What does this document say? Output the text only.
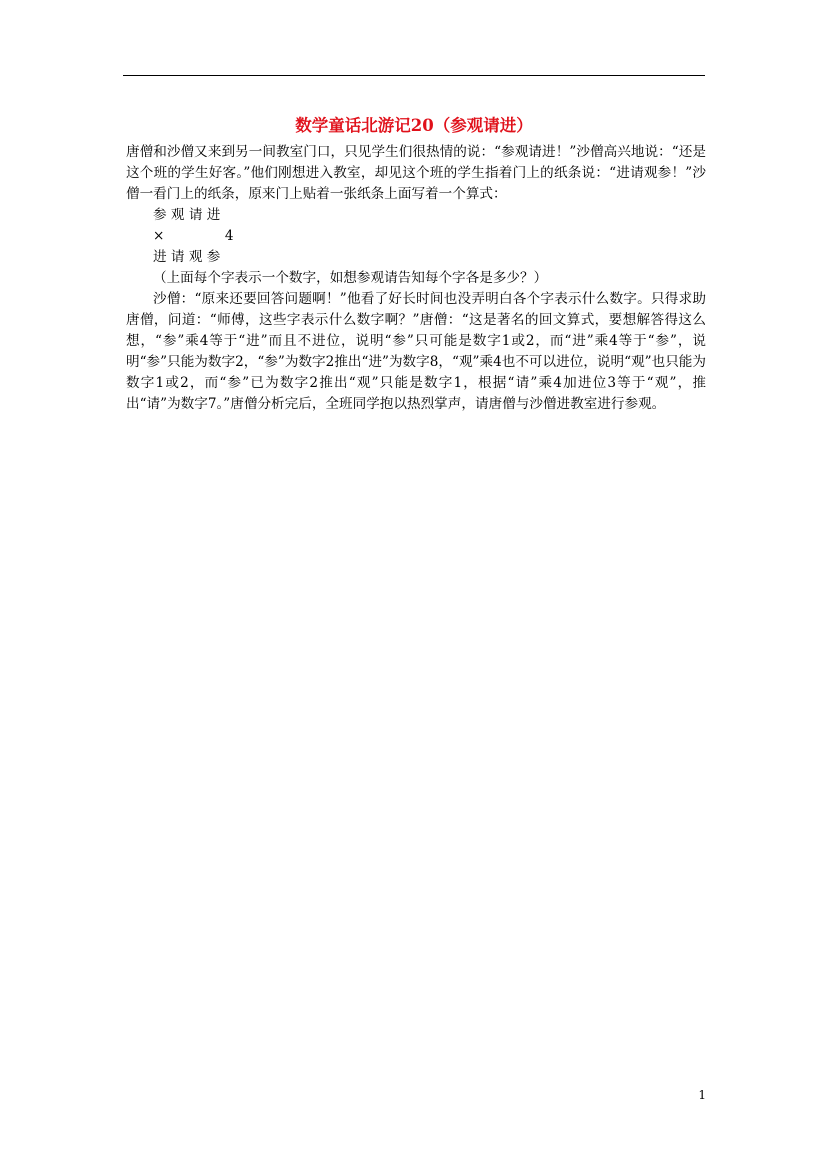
数学童话北游记20（参观请进）

唐僧和沙僧又来到另一间教室门口，只见学生们很热情的说：“参观请进！”沙僧高兴地说：“还是这个班的学生好客。”他们刚想进入教室，却见这个班的学生指着门上的纸条说：“进请观参！”沙僧一看门上的纸条，原来门上贴着一张纸条上面写着一个算式：

参 观 请 进

×              4

进 请 观 参

（上面每个字表示一个数字，如想参观请告知每个字各是多少？）

沙僧：“原来还要回答问题啊！”他看了好长时间也没弄明白各个字表示什么数字。只得求助唐僧，问道：“师傅，这些字表示什么数字啊？”唐僧：“这是著名的回文算式，要想解答得这么想，“参”乘4等于“进”而且不进位，说明“参”只可能是数字1或2，而“进”乘4等于“参”，说明“参”只能为数字2，“参”为数字2推出“进”为数字8，“观”乘4也不可以进位，说明“观”也只能为数字1或2，而“参”已为数字2推出“观”只能是数字1，根据“请”乘4加进位3等于“观”，推出“请”为数字7。”唐僧分析完后，全班同学抱以热烈掌声，请唐僧与沙僧进教室进行参观。

1
